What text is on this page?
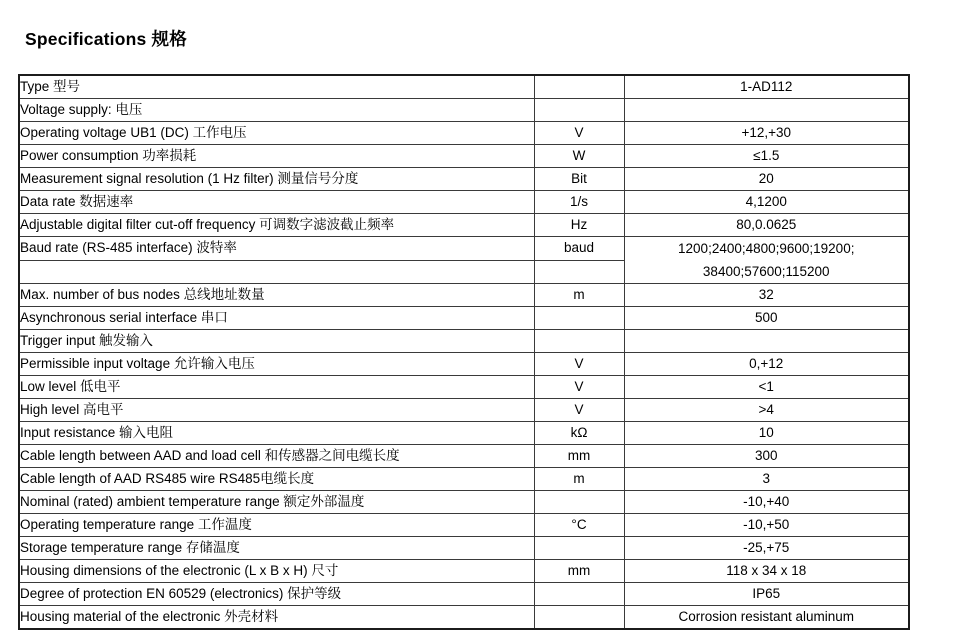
Specifications 规格
Type 型号		1-AD112
Voltage supply: 电压		
Operating voltage UB1 (DC) 工作电压	V	+12,+30
Power consumption 功率损耗	W	≤1.5
Measurement signal resolution (1 Hz filter) 测量信号分度	Bit	20
Data rate 数据速率	1/s	4,1200
Adjustable digital filter cut-off frequency 可调数字滤波截止频率	Hz	80,0.0625
Baud rate (RS-485 interface) 波特率	baud	1200;2400;4800;9600;19200;
38400;57600;115200

Max. number of bus nodes 总线地址数量	m	32
Asynchronous serial interface 串口		500
Trigger input 触发输入		
Permissible input voltage 允许输入电压	V	0,+12
Low level 低电平	V	<1
High level 高电平	V	>4
Input resistance 输入电阻	kΩ	10
Cable length between AAD and load cell 和传感器之间电缆长度	mm	300
Cable length of AAD RS485 wire RS485电缆长度	m	3
Nominal (rated) ambient temperature range 额定外部温度		-10,+40
Operating temperature range 工作温度	°C	-10,+50
Storage temperature range 存储温度		-25,+75
Housing dimensions of the electronic (L x B x H) 尺寸	mm	118 x 34 x 18
Degree of protection EN 60529 (electronics) 保护等级		IP65
Housing material of the electronic 外壳材料		Corrosion resistant aluminum
